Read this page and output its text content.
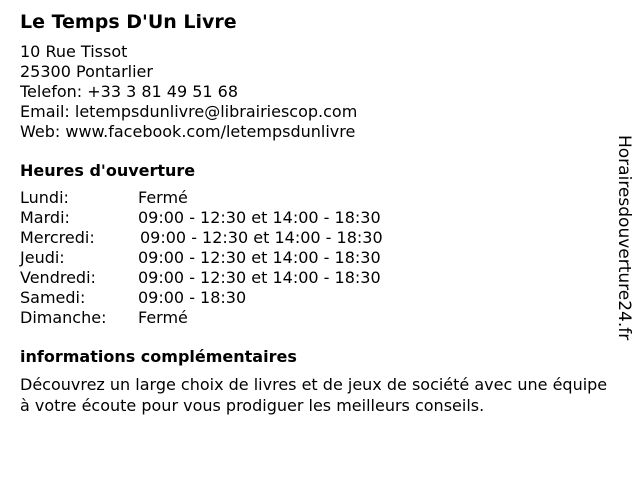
Le Temps D'Un Livre
10 Rue Tissot
25300 Pontarlier
Telefon: +33 3 81 49 51 68
Email: letempsdunlivre@librairiescop.com
Web: www.facebook.com/letempsdunlivre
Heures d'ouverture
Lundi:	Fermé
Mardi:	09:00 - 12:30 et 14:00 - 18:30
Mercredi:	09:00 - 12:30 et 14:00 - 18:30
Jeudi:	09:00 - 12:30 et 14:00 - 18:30
Vendredi:	09:00 - 12:30 et 14:00 - 18:30
Samedi:	09:00 - 18:30
Dimanche: Fermé
informations complémentaires
Découvrez un large choix de livres et de jeux de société avec une équipe à votre écoute pour vous prodiguer les meilleurs conseils.
Horairesdouverture24.fr
